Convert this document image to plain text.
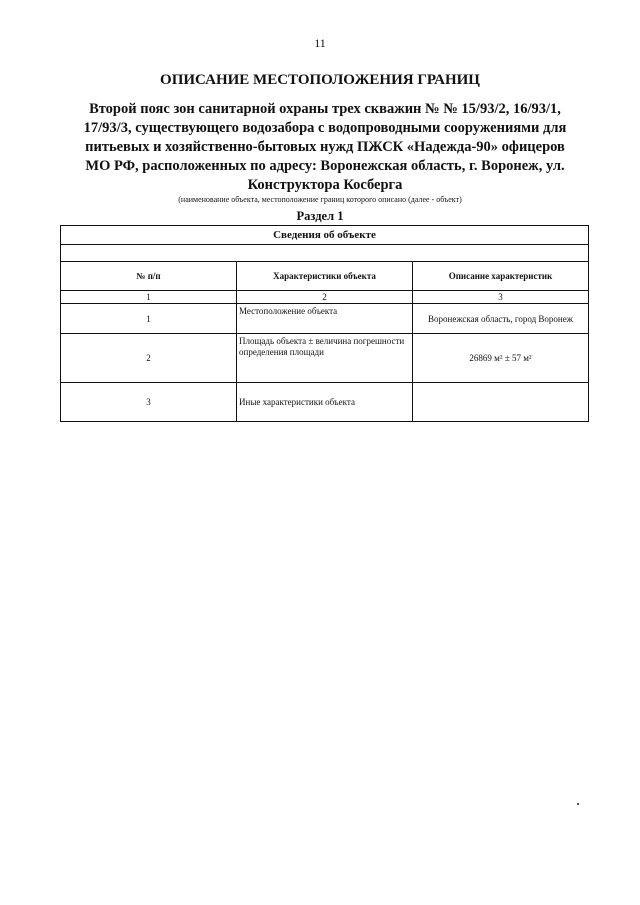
11
ОПИСАНИЕ МЕСТОПОЛОЖЕНИЯ ГРАНИЦ
Второй пояс зон санитарной охраны трех скважин № № 15/93/2, 16/93/1,
17/93/3, существующего водозабора с водопроводными сооружениями для
питьевых и хозяйственно-бытовых нужд ПЖСК «Надежда-90» офицеров
МО РФ, расположенных по адресу: Воронежская область, г. Воронеж, ул.
Конструктора Косберга
(наименование объекта, местоположение границ которого описано (далее - объект)
Раздел 1
Сведения об объекте		

№ п/п	Характеристики объекта	Описание характеристик
1	2	3
1	Местоположение объекта	Воронежская область, город Воронеж
2	Площадь объекта ± величина погрешности определения площади	26869 м² ± 57 м²
3	Иные характеристики объекта	
